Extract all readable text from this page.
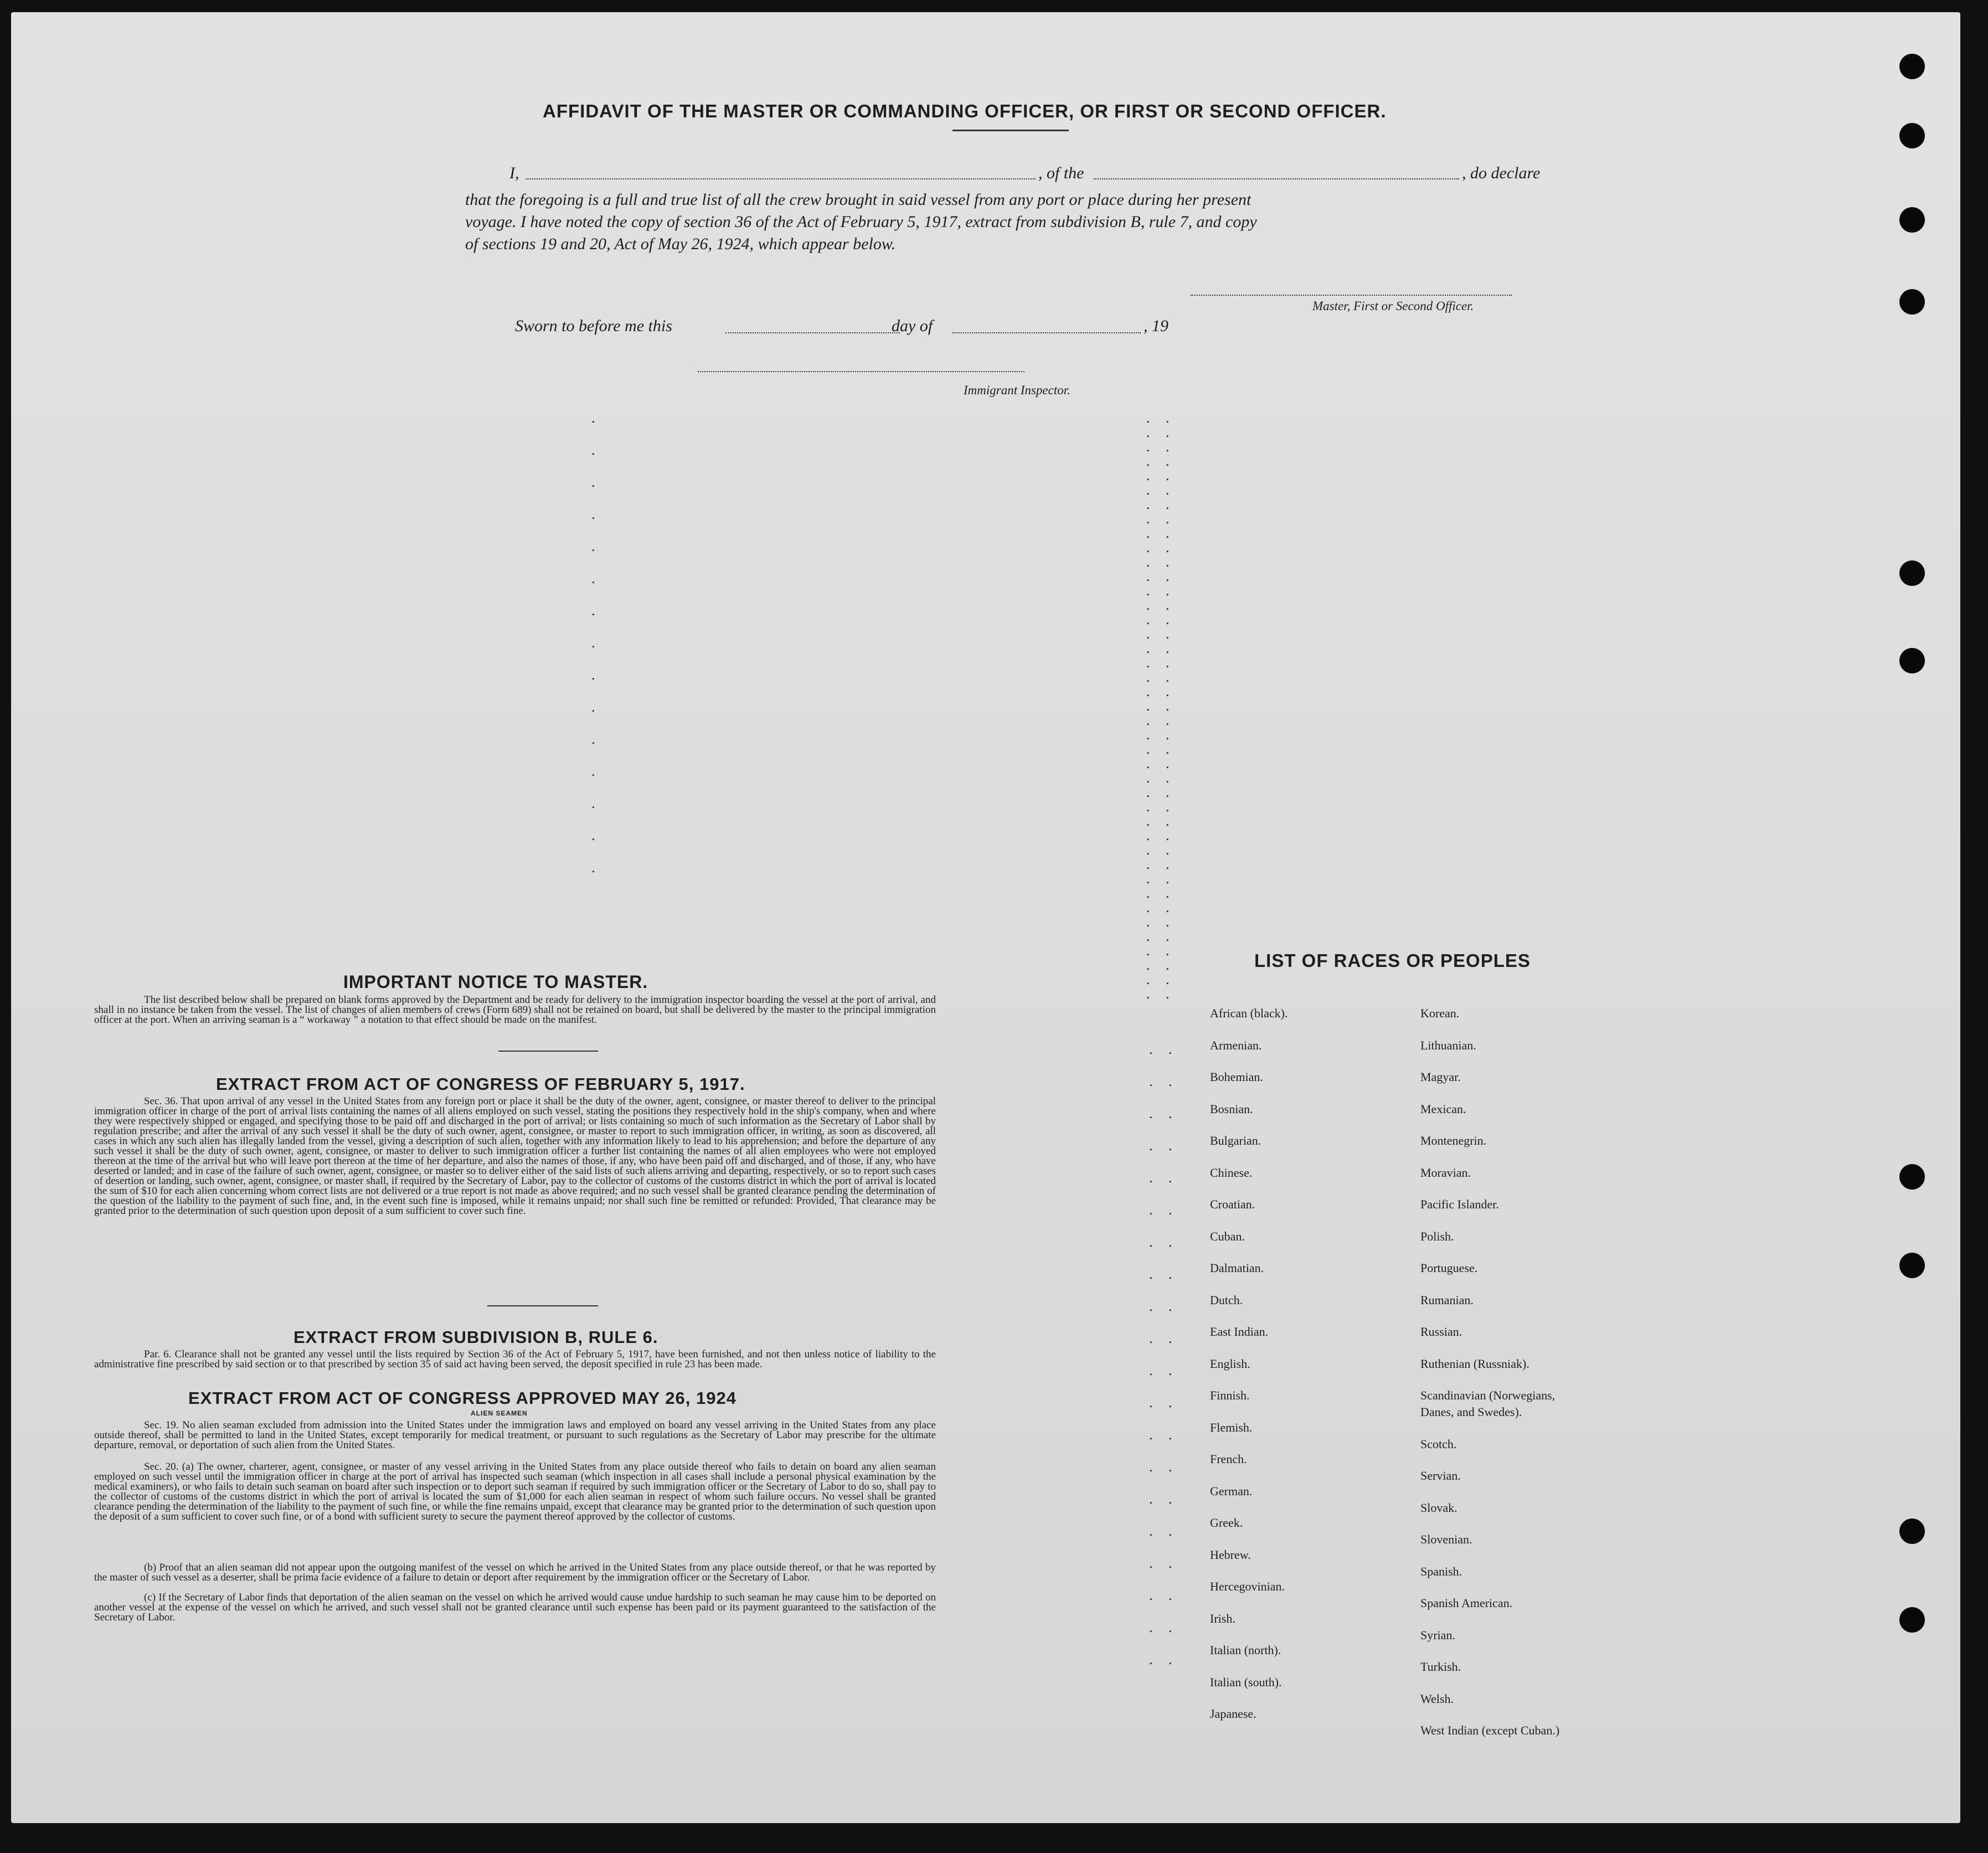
AFFIDAVIT OF THE MASTER OR COMMANDING OFFICER, OR FIRST OR SECOND OFFICER.
I,	, of the	, do declare
that the foregoing is a full and true list of all the crew brought in said vessel from any port or place during her present
voyage. I have noted the copy of section 36 of the Act of February 5, 1917, extract from subdivision B, rule 7, and copy
of sections 19 and 20, Act of May 26, 1924, which appear below.
Master, First or Second Officer.
Sworn to before me this	day of	, 19
Immigrant Inspector.
IMPORTANT NOTICE TO MASTER.
The list described below shall be prepared on blank forms approved by the Department and be ready for delivery to the immigration inspector boarding the vessel at the port of arrival, and shall in no instance be taken from the vessel. The list of changes of alien members of crews (Form 689) shall not be retained on board, but shall be delivered by the master to the principal immigration officer at the port. When an arriving seaman is a “ workaway ” a notation to that effect should be made on the manifest.
EXTRACT FROM ACT OF CONGRESS OF FEBRUARY 5, 1917.
Sec. 36. That upon arrival of any vessel in the United States from any foreign port or place it shall be the duty of the owner, agent, consignee, or master thereof to deliver to the principal immigration officer in charge of the port of arrival lists containing the names of all aliens employed on such vessel, stating the positions they respectively hold in the ship's company, when and where they were respectively shipped or engaged, and specifying those to be paid off and discharged in the port of arrival; or lists containing so much of such information as the Secretary of Labor shall by regulation prescribe; and after the arrival of any such vessel it shall be the duty of such owner, agent, consignee, or master to report to such immigration officer, in writing, as soon as discovered, all cases in which any such alien has illegally landed from the vessel, giving a description of such alien, together with any information likely to lead to his apprehension; and before the departure of any such vessel it shall be the duty of such owner, agent, consignee, or master to deliver to such immigration officer a further list containing the names of all alien employees who were not employed thereon at the time of the arrival but who will leave port thereon at the time of her departure, and also the names of those, if any, who have been paid off and discharged, and of those, if any, who have deserted or landed; and in case of the failure of such owner, agent, consignee, or master so to deliver either of the said lists of such aliens arriving and departing, respectively, or so to report such cases of desertion or landing, such owner, agent, consignee, or master shall, if required by the Secretary of Labor, pay to the collector of customs of the customs district in which the port of arrival is located the sum of $10 for each alien concerning whom correct lists are not delivered or a true report is not made as above required; and no such vessel shall be granted clearance pending the determination of the question of the liability to the payment of such fine, and, in the event such fine is imposed, while it remains unpaid; nor shall such fine be remitted or refunded: Provided, That clearance may be granted prior to the determination of such question upon deposit of a sum sufficient to cover such fine.
EXTRACT FROM SUBDIVISION B, RULE 6.
Par. 6. Clearance shall not be granted any vessel until the lists required by Section 36 of the Act of February 5, 1917, have been furnished, and not then unless notice of liability to the administrative fine prescribed by said section or to that prescribed by section 35 of said act having been served, the deposit specified in rule 23 has been made.
EXTRACT FROM ACT OF CONGRESS APPROVED MAY 26, 1924
ALIEN SEAMEN
Sec. 19. No alien seaman excluded from admission into the United States under the immigration laws and employed on board any vessel arriving in the United States from any place outside thereof, shall be permitted to land in the United States, except temporarily for medical treatment, or pursuant to such regulations as the Secretary of Labor may prescribe for the ultimate departure, removal, or deportation of such alien from the United States.
Sec. 20. (a) The owner, charterer, agent, consignee, or master of any vessel arriving in the United States from any place outside thereof who fails to detain on board any alien seaman employed on such vessel until the immigration officer in charge at the port of arrival has inspected such seaman (which inspection in all cases shall include a personal physical examination by the medical examiners), or who fails to detain such seaman on board after such inspection or to deport such seaman if required by such immigration officer or the Secretary of Labor to do so, shall pay to the collector of customs of the customs district in which the port of arrival is located the sum of $1,000 for each alien seaman in respect of whom such failure occurs. No vessel shall be granted clearance pending the determination of the liability to the payment of such fine, or while the fine remains unpaid, except that clearance may be granted prior to the determination of such question upon the deposit of a sum sufficient to cover such fine, or of a bond with sufficient surety to secure the payment thereof approved by the collector of customs.
(b) Proof that an alien seaman did not appear upon the outgoing manifest of the vessel on which he arrived in the United States from any place outside thereof, or that he was reported by the master of such vessel as a deserter, shall be prima facie evidence of a failure to detain or deport after requirement by the immigration officer or the Secretary of Labor.
(c) If the Secretary of Labor finds that deportation of the alien seaman on the vessel on which he arrived would cause undue hardship to such seaman he may cause him to be deported on another vessel at the expense of the vessel on which he arrived, and such vessel shall not be granted clearance until such expense has been paid or its payment guaranteed to the satisfaction of the Secretary of Labor.
LIST OF RACES OR PEOPLES
African (black).
Armenian.
Bohemian.
Bosnian.
Bulgarian.
Chinese.
Croatian.
Cuban.
Dalmatian.
Dutch.
East Indian.
English.
Finnish.
Flemish.
French.
German.
Greek.
Hebrew.
Hercegovinian.
Irish.
Italian (north).
Italian (south).
Japanese.
Korean.
Lithuanian.
Magyar.
Mexican.
Montenegrin.
Moravian.
Pacific Islander.
Polish.
Portuguese.
Rumanian.
Russian.
Ruthenian (Russniak).
Scandinavian (Norwegians,
Danes, and Swedes).
Scotch.
Servian.
Slovak.
Slovenian.
Spanish.
Spanish American.
Syrian.
Turkish.
Welsh.
West Indian (except Cuban.)
.
.
.
.
.
.
.
.
.
.
.
.
.
.
.
.
.
.
.
.
.
.
.
.
.
.
.
.
.
.
.
.
.
.
.
.
.
.
.
.
.
.
.
.
.
.
.
.
.
.
.
.
.
.
.
.
.
.
.
.
.
.
.
.
.
.
.
.
.
.
.
.
.
.
.
.
.
.
.
.
.
.
.
.
.
.
.
.
.
.
.
.
.
.
.
.
.
.
.
.
.
.
.
.
.
.
.
.
.
.
.
.
.
.
.
.
.
.
.
.
.
.
.
.
.
.
.
.
.
.
.
.
.
.
.
.
.
